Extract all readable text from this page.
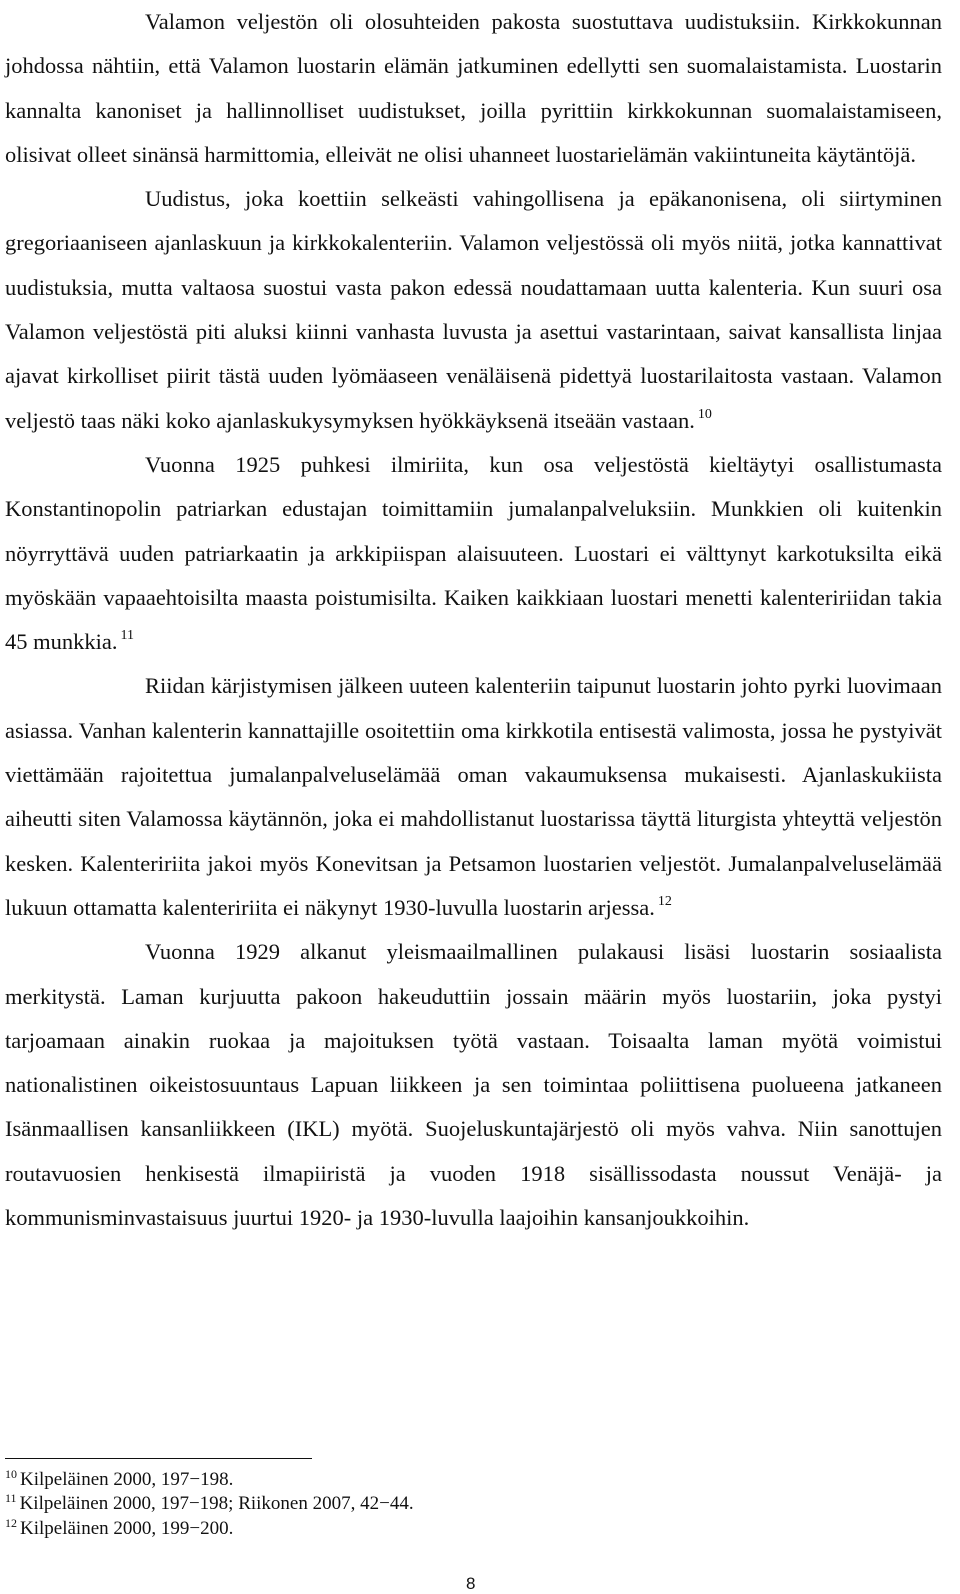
Valamon veljestön oli olosuhteiden pakosta suostuttava uudistuksiin. Kirkkokunnan johdossa nähtiin, että Valamon luostarin elämän jatkuminen edellytti sen suomalaistamista. Luostarin kannalta kanoniset ja hallinnolliset uudistukset, joilla pyrittiin kirkkokunnan suomalaistamiseen, olisivat olleet sinänsä harmittomia, elleivät ne olisi uhanneet luostarielämän vakiintuneita käytäntöjä.

Uudistus, joka koettiin selkeästi vahingollisena ja epäkanonisena, oli siirtyminen gregoriaaniseen ajanlaskuun ja kirkkokalenteriin. Valamon veljestössä oli myös niitä, jotka kannattivat uudistuksia, mutta valtaosa suostui vasta pakon edessä noudattamaan uutta kalenteria. Kun suuri osa Valamon veljestöstä piti aluksi kiinni vanhasta luvusta ja asettui vastarintaan, saivat kansallista linjaa ajavat kirkolliset piirit tästä uuden lyömäaseen venäläisenä pidettyä luostarilaitosta vastaan. Valamon veljestö taas näki koko ajanlaskukysymyksen hyökkäyksenä itseään vastaan. $^{10}$

Vuonna 1925 puhkesi ilmiriita, kun osa veljestöstä kieltäytyi osallistumasta Konstantinopolin patriarkan edustajan toimittamiin jumalanpalveluksiin. Munkkien oli kuitenkin nöyrryttävä uuden patriarkaatin ja arkkipiispan alaisuuteen. Luostari ei välttynyt karkotuksilta eikä myöskään vapaaehtoisilta maasta poistumisilta. Kaiken kaikkiaan luostari menetti kalenteririidan takia 45 munkkia. $^{11}$

Riidan kärjistymisen jälkeen uuteen kalenteriin taipunut luostarin johto pyrki luovimaan asiassa. Vanhan kalenterin kannattajille osoitettiin oma kirkkotila entisestä valimosta, jossa he pystyivät viettämään rajoitettua jumalanpalveluselämää oman vakaumuksensa mukaisesti. Ajanlaskukiista aiheutti siten Valamossa käytännön, joka ei mahdollistanut luostarissa täyttä liturgista yhteyttä veljestön kesken. Kalenteririita jakoi myös Konevitsan ja Petsamon luostarien veljestöt. Jumalanpalveluselämää lukuun ottamatta kalenteririita ei näkynyt 1930-luvulla luostarin arjessa. $^{12}$

Vuonna 1929 alkanut yleismaailmallinen pulakausi lisäsi luostarin sosiaalista merkitystä. Laman kurjuutta pakoon hakeuduttiin jossain määrin myös luostariin, joka pystyi tarjoamaan ainakin ruokaa ja majoituksen työtä vastaan. Toisaalta laman myötä voimistui nationalistinen oikeistosuuntaus Lapuan liikkeen ja sen toimintaa poliittisena puolueena jatkaneen Isänmaallisen kansanliikkeen (IKL) myötä. Suojeluskuntajärjestö oli myös vahva. Niin sanottujen routavuosien henkisestä ilmapiiristä ja vuoden 1918 sisällissodasta noussut Venäjä- ja kommunisminvastaisuus juurtui 1920- ja 1930-luvulla laajoihin kansanjoukkoihin.

$^{10}$ Kilpeläinen 2000, 197−198.
$^{11}$ Kilpeläinen 2000, 197−198; Riikonen 2007, 42−44.
$^{12}$ Kilpeläinen 2000, 199−200.
8
